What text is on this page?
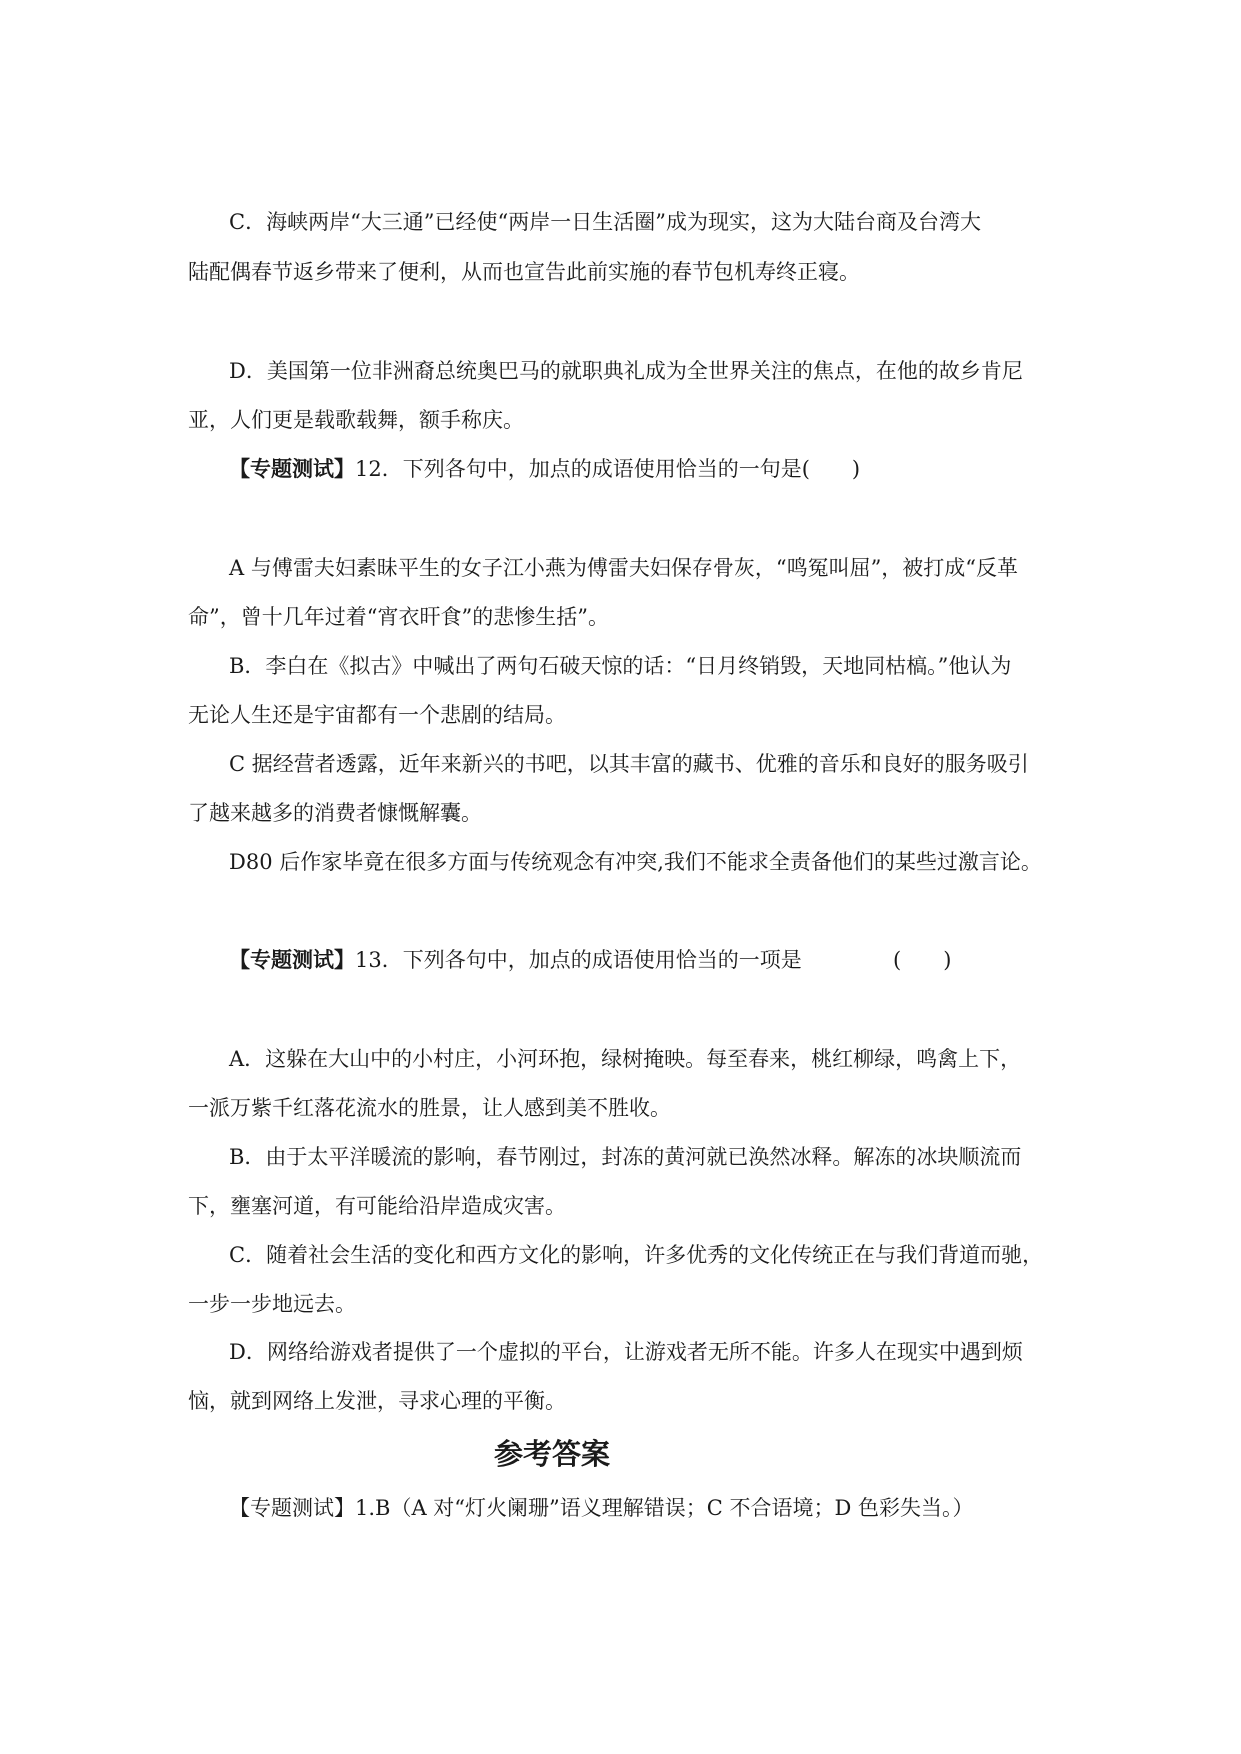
C．海峡两岸“大三通”已经使“两岸一日生活圈”成为现实，这为大陆台商及台湾大
陆配偶春节返乡带来了便利，从而也宣告此前实施的春节包机寿终正寝。
D．美国第一位非洲裔总统奥巴马的就职典礼成为全世界关注的焦点，在他的故乡肯尼
亚，人们更是载歌载舞，额手称庆。
【专题测试】12．下列各句中，加点的成语使用恰当的一句是(　　)
A 与傅雷夫妇素昧平生的女子江小燕为傅雷夫妇保存骨灰，“鸣冤叫屈”，被打成“反革
命”，曾十几年过着“宵衣旰食”的悲惨生括”。
B．李白在《拟古》中喊出了两句石破天惊的话：“日月终销毁，天地同枯槁。”他认为
无论人生还是宇宙都有一个悲剧的结局。
C 据经营者透露，近年来新兴的书吧，以其丰富的藏书、优雅的音乐和良好的服务吸引
了越来越多的消费者慷慨解囊。
D80 后作家毕竟在很多方面与传统观念有冲突,我们不能求全责备他们的某些过激言论。
【专题测试】13．下列各句中，加点的成语使用恰当的一项是	(　　)
A．这躲在大山中的小村庄，小河环抱，绿树掩映。每至春来，桃红柳绿，鸣禽上下，
一派万紫千红落花流水的胜景，让人感到美不胜收。
B．由于太平洋暖流的影响，春节刚过，封冻的黄河就已涣然冰释。解冻的冰块顺流而
下，壅塞河道，有可能给沿岸造成灾害。
C．随着社会生活的变化和西方文化的影响，许多优秀的文化传统正在与我们背道而驰，
一步一步地远去。
D．网络给游戏者提供了一个虚拟的平台，让游戏者无所不能。许多人在现实中遇到烦
恼，就到网络上发泄，寻求心理的平衡。
参考答案
【专题测试】1.B（A 对“灯火阑珊”语义理解错误；C 不合语境；D 色彩失当。）
